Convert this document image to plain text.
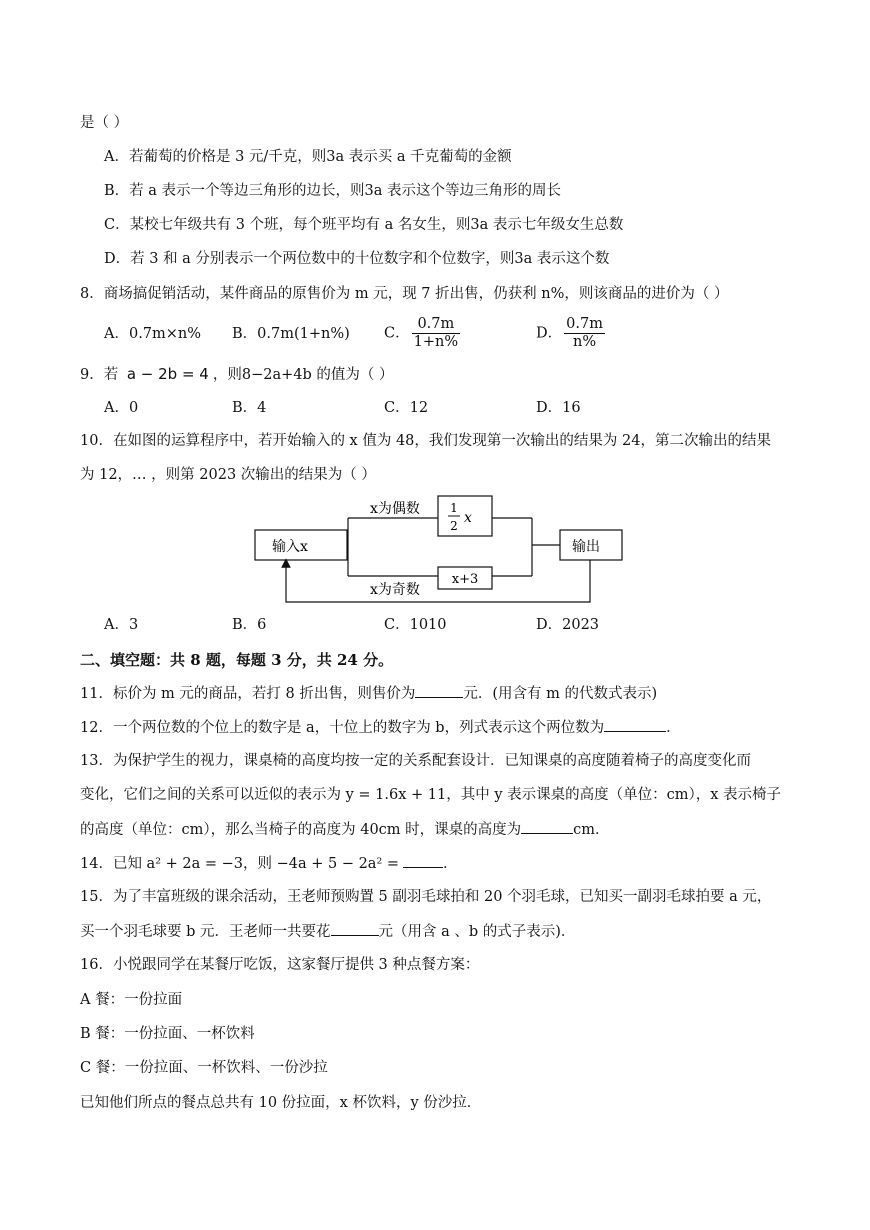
是（ ）
A．若葡萄的价格是 3 元/千克，则3a 表示买 a 千克葡萄的金额
B．若 a 表示一个等边三角形的边长，则3a 表示这个等边三角形的周长
C．某校七年级共有 3 个班，每个班平均有 a 名女生，则3a 表示七年级女生总数
D．若 3 和 a 分别表示一个两位数中的十位数字和个位数字，则3a 表示这个数
8．商场搞促销活动，某件商品的原售价为 m 元，现 7 折出售，仍获利 n%，则该商品的进价为（ ）
A．0.7m×n% B．0.7m(1+n%) C． $\frac{0.7m}{1+n\%}$	D． $\frac{0.7m}{n\%}$
9．若 a − 2b = 4 ，则8−2a+4b 的值为（ ）
A．0	B．4	C．12	D．16
10．在如图的运算程序中，若开始输入的 x 值为 48，我们发现第一次输出的结果为 24，第二次输出的结果
为 12，… ，则第 2023 次输出的结果为（ ）
输入x
x为偶数
x为奇数
1
2 x
x+3
输出
A．3	B．6	C．1010	D．2023
二、填空题：共 8 题，每题 3 分，共 24 分。
11．标价为 m 元的商品，若打 8 折出售，则售价为	元．(用含有 m 的代数式表示)
12．一个两位数的个位上的数字是 a，十位上的数字为 b，列式表示这个两位数为	．
13．为保护学生的视力，课桌椅的高度均按一定的关系配套设计．已知课桌的高度随着椅子的高度变化而
变化，它们之间的关系可以近似的表示为 y = 1.6x + 11，其中 y 表示课桌的高度（单位：cm），x 表示椅子
的高度（单位：cm），那么当椅子的高度为 40cm 时，课桌的高度为	cm．
14．已知 a² + 2a = −3，则 −4a + 5 − 2a² =	．
15．为了丰富班级的课余活动，王老师预购置 5 副羽毛球拍和 20 个羽毛球，已知买一副羽毛球拍要 a 元，
买一个羽毛球要 b 元．王老师一共要花	元（用含 a 、b 的式子表示)．
16．小悦跟同学在某餐厅吃饭，这家餐厅提供 3 种点餐方案：
A 餐：一份拉面
B 餐：一份拉面、一杯饮料
C 餐：一份拉面、一杯饮料、一份沙拉
已知他们所点的餐点总共有 10 份拉面，x 杯饮料，y 份沙拉．
